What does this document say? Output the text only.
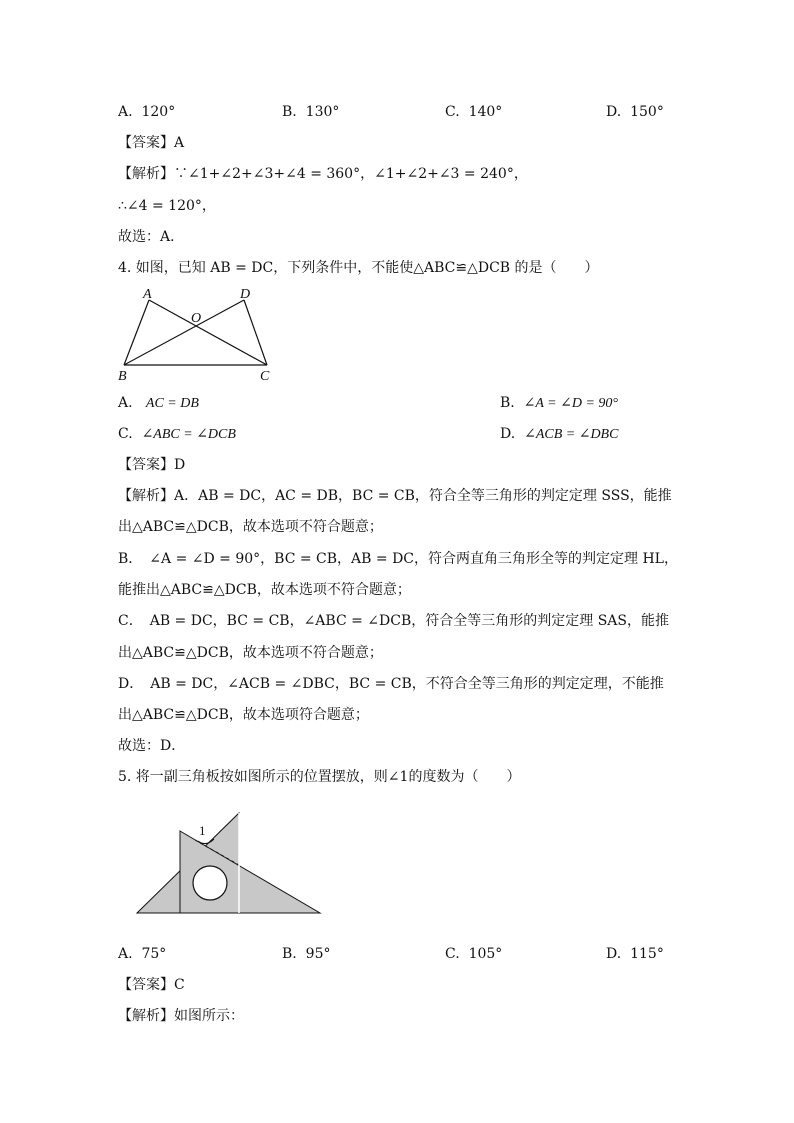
A. 120°	B. 130°	C. 140°	D. 150°
【答案】A
【解析】∵∠1+∠2+∠3+∠4 = 360°，∠1+∠2+∠3 = 240°，
∴∠4 = 120°，
故选：A．
4. 如图，已知 AB = DC，下列条件中，不能使△ABC≌△DCB 的是（　　）
A	D
O
B	C
A. AC = DB	B. ∠A = ∠D = 90°
C. ∠ABC = ∠DCB	D. ∠ACB = ∠DBC
【答案】D
【解析】A．AB = DC，AC = DB，BC = CB，符合全等三角形的判定定理 SSS，能推
出△ABC≌△DCB，故本选项不符合题意；
B．　∠A = ∠D = 90°，BC = CB，AB = DC，符合两直角三角形全等的判定定理 HL，
能推出△ABC≌△DCB，故本选项不符合题意；
C．　AB = DC，BC = CB，∠ABC = ∠DCB，符合全等三角形的判定定理 SAS，能推
出△ABC≌△DCB，故本选项不符合题意；
D．　AB = DC，∠ACB = ∠DBC，BC = CB，不符合全等三角形的判定定理，不能推
出△ABC≌△DCB，故本选项符合题意；
故选：D．
5. 将一副三角板按如图所示的位置摆放，则∠1的度数为（　　）
1
A. 75°	B. 95°	C. 105°	D. 115°
【答案】C
【解析】如图所示：
